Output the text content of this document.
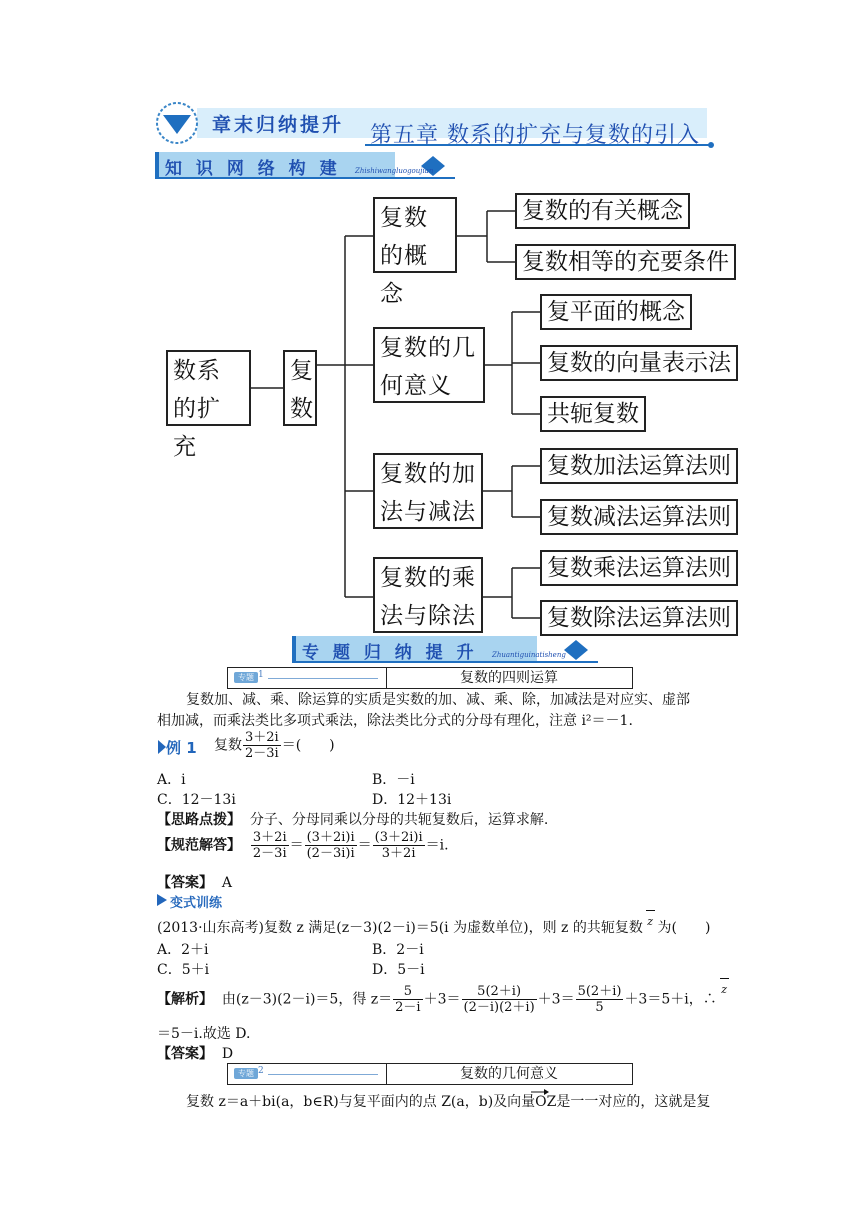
章末归纳提升 第五章 数系的扩充与复数的引入
知 识 网 络 构 建 Zhishiwangluogoujian
数系的扩充
复数
复数的概念
复数的几何意义
复数的加法与减法
复数的乘法与除法
复数的有关概念
复数相等的充要条件
复平面的概念
复数的向量表示法
共轭复数
复数加法运算法则
复数减法运算法则
复数乘法运算法则
复数除法运算法则
专 题 归 纳 提 升 Zhuantiguinatisheng
专题 1	复数的四则运算
复数加、减、乘、除运算的实质是实数的加、减、乘、除，加减法是对应实、虚部
相加减，而乘法类比多项式乘法，除法类比分式的分母有理化，注意 i²＝－1.
例 1 复数 $\frac{3+2i}{2-3i}$ ＝(　　)
A．i	B．－i
C．12－13i	D．12＋13i
【思路点拨】 分子、分母同乘以分母的共轭复数后，运算求解.
【规范解答】 $\frac{3+2i}{2-3i} = \frac{(3+2i)i}{(2-3i)i} = \frac{(3+2i)i}{3+2i} =i$.
【答案】 A
变式训练
(2013·山东高考)复数 z 满足(z－3)(2－i)＝5(i 为虚数单位)，则 z 的共轭复数 z 为(　　)
A．2＋i	B．2－i
C．5＋i	D．5－i
【解析】 由(z－3)(2－i)＝5，得 $z= \frac{5}{2-i} +3= \frac{5(2+i)}{(2-i)(2+i)} +3= \frac{5(2+i)}{5} +3=5+i$，∴
z
＝5－i.故选 D.
【答案】 D
专题 2	复数的几何意义
复数 z＝a＋bi(a，b∈R)与复平面内的点 Z(a，b)及向量OZ是一一对应的，这就是复
